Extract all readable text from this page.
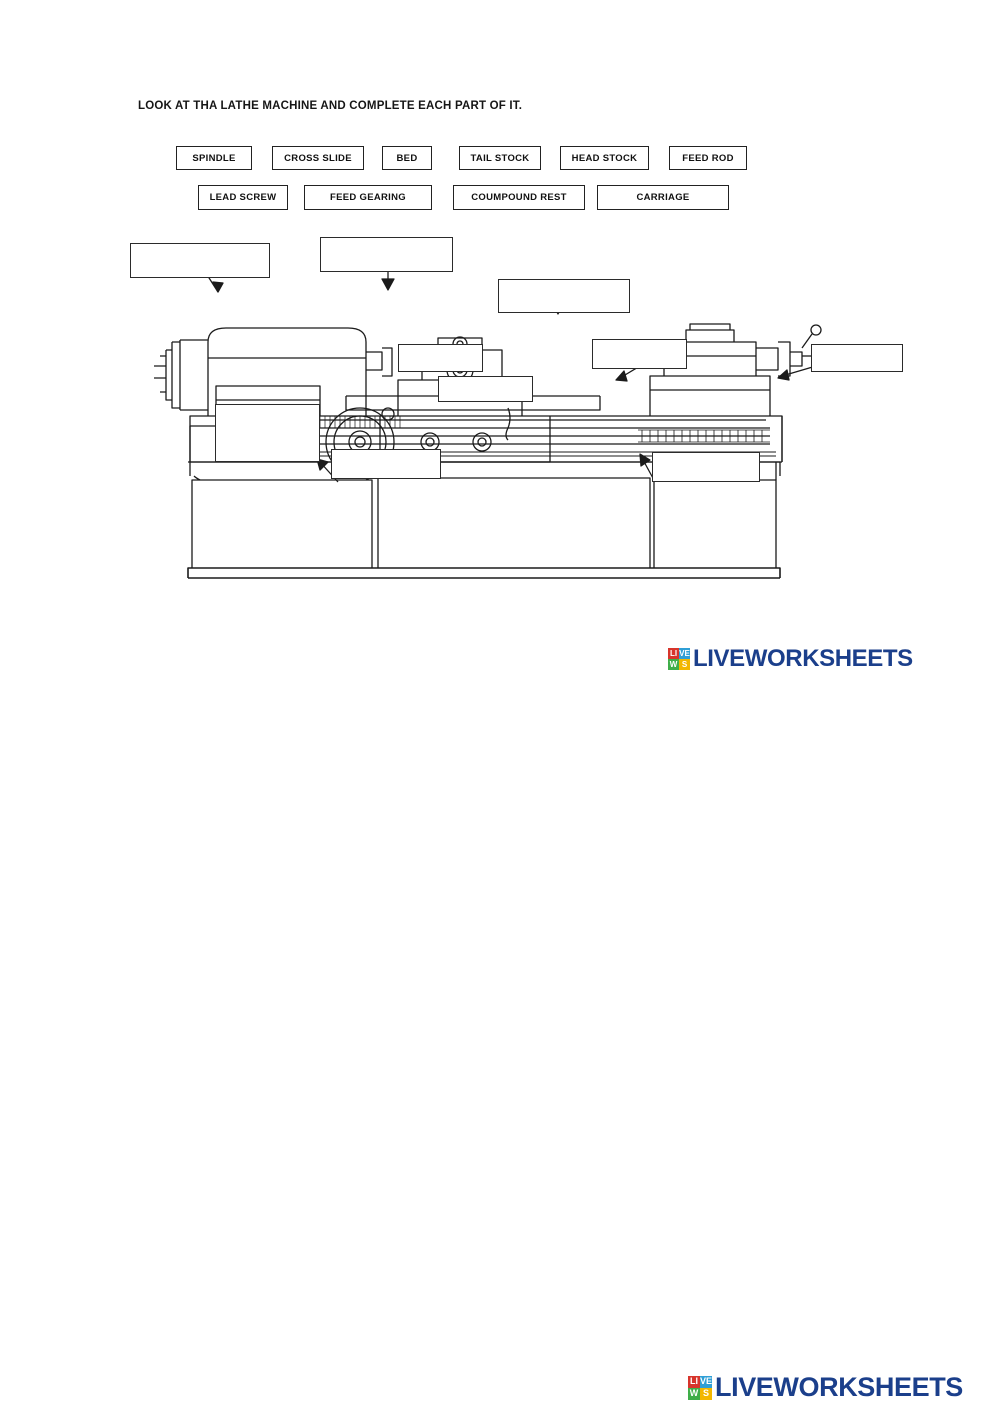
LOOK AT THA LATHE MACHINE AND COMPLETE EACH PART OF IT.
SPINDLE	CROSS SLIDE	BED	TAIL STOCK	HEAD STOCK	FEED ROD
LEAD SCREW	FEED GEARING	COUMPOUND REST	CARRIAGE
LI VE
W S LIVEWORKSHEETS
LI VE
W S LIVEWORKSHEETS
